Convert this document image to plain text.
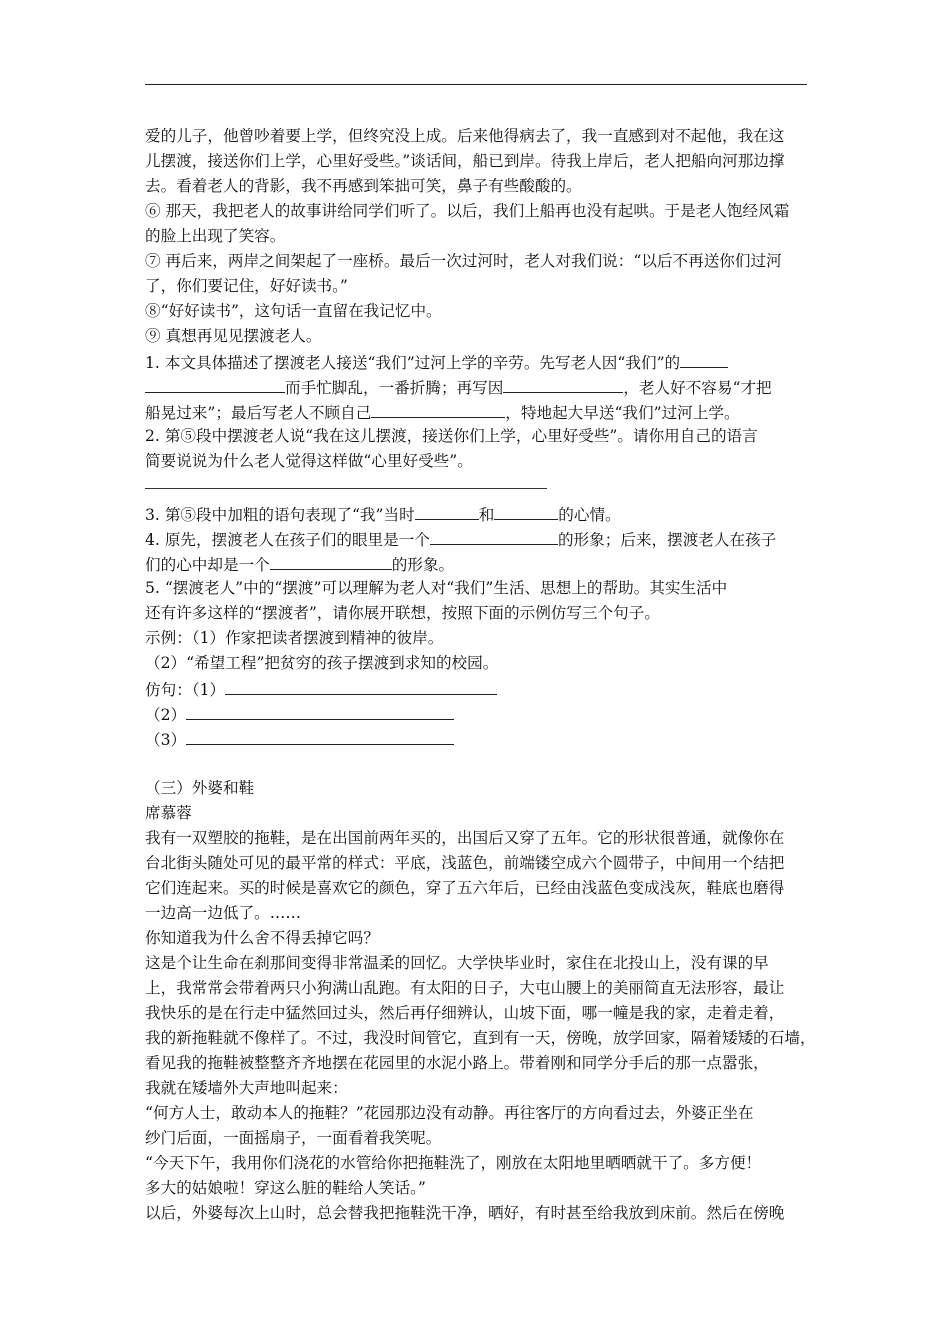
爱的儿子，他曾吵着要上学，但终究没上成。后来他得病去了，我一直感到对不起他，我在这
儿摆渡，接送你们上学，心里好受些。”谈话间，船已到岸。待我上岸后，老人把船向河那边撑
去。看着老人的背影，我不再感到笨拙可笑，鼻子有些酸酸的。
⑥ 那天，我把老人的故事讲给同学们听了。以后，我们上船再也没有起哄。于是老人饱经风霜
的脸上出现了笑容。
⑦ 再后来，两岸之间架起了一座桥。最后一次过河时，老人对我们说：“以后不再送你们过河
了，你们要记住，好好读书。”
⑧“好好读书”，这句话一直留在我记忆中。
⑨ 真想再见见摆渡老人。
1. 本文具体描述了摆渡老人接送“我们”过河上学的辛劳。先写老人因“我们”的
而手忙脚乱，一番折腾；再写因	，老人好不容易“才把
船晃过来”；最后写老人不顾自己	，特地起大早送“我们”过河上学。
2. 第⑤段中摆渡老人说“我在这儿摆渡，接送你们上学，心里好受些”。请你用自己的语言
简要说说为什么老人觉得这样做“心里好受些”。
3. 第⑤段中加粗的语句表现了“我”当时	和	的心情。
4. 原先，摆渡老人在孩子们的眼里是一个	的形象；后来，摆渡老人在孩子
们的心中却是一个	的形象。
5. “摆渡老人”中的“摆渡”可以理解为老人对“我们”生活、思想上的帮助。其实生活中
还有许多这样的“摆渡者”，请你展开联想，按照下面的示例仿写三个句子。
示例：（1）作家把读者摆渡到精神的彼岸。
（2）“希望工程”把贫穷的孩子摆渡到求知的校园。
仿句：（1）
（2）
（3）
（三）外婆和鞋
席慕蓉
我有一双塑胶的拖鞋，是在出国前两年买的，出国后又穿了五年。它的形状很普通，就像你在
台北街头随处可见的最平常的样式：平底，浅蓝色，前端镂空成六个圆带子，中间用一个结把
它们连起来。买的时候是喜欢它的颜色，穿了五六年后，已经由浅蓝色变成浅灰，鞋底也磨得
一边高一边低了。……
你知道我为什么舍不得丢掉它吗？
这是个让生命在刹那间变得非常温柔的回忆。大学快毕业时，家住在北投山上，没有课的早
上，我常常会带着两只小狗满山乱跑。有太阳的日子，大屯山腰上的美丽简直无法形容，最让
我快乐的是在行走中猛然回过头，然后再仔细辨认，山坡下面，哪一幢是我的家，走着走着，
我的新拖鞋就不像样了。不过，我没时间管它，直到有一天，傍晚，放学回家，隔着矮矮的石墙，
看见我的拖鞋被整整齐齐地摆在花园里的水泥小路上。带着刚和同学分手后的那一点嚣张，
我就在矮墙外大声地叫起来：
“何方人士，敢动本人的拖鞋？”花园那边没有动静。再往客厅的方向看过去，外婆正坐在
纱门后面，一面摇扇子，一面看着我笑呢。
“今天下午，我用你们浇花的水管给你把拖鞋洗了，刚放在太阳地里晒晒就干了。多方便！
多大的姑娘啦！穿这么脏的鞋给人笑话。”
以后，外婆每次上山时，总会替我把拖鞋洗干净，晒好，有时甚至给我放到床前。然后在傍晚
